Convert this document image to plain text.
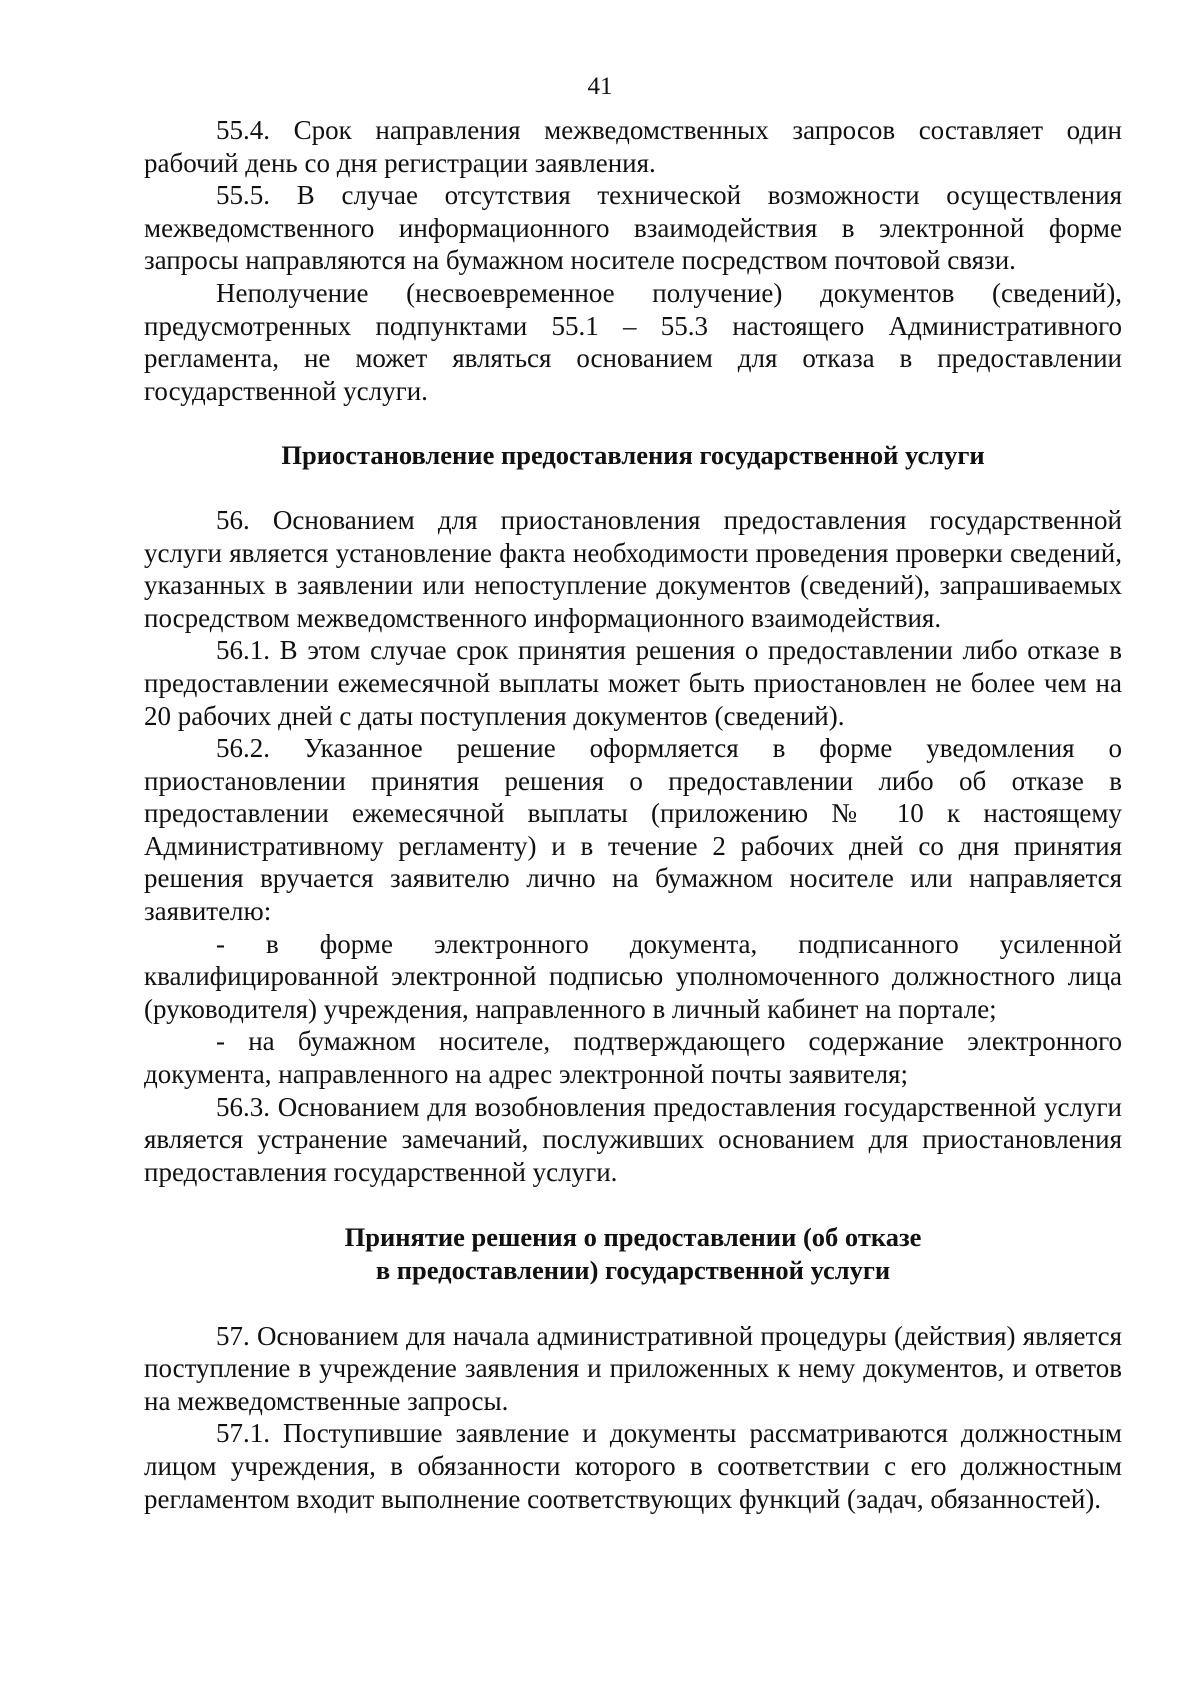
41

55.4. Срок направления межведомственных запросов составляет один рабочий день со дня регистрации заявления.

55.5. В случае отсутствия технической возможности осуществления межведомственного информационного взаимодействия в электронной форме запросы направляются на бумажном носителе посредством почтовой связи.

Неполучение (несвоевременное получение) документов (сведений), предусмотренных подпунктами 55.1 – 55.3 настоящего Административного регламента, не может являться основанием для отказа в предоставлении государственной услуги.

Приостановление предоставления государственной услуги

56. Основанием для приостановления предоставления государственной услуги является установление факта необходимости проведения проверки сведений, указанных в заявлении или непоступление документов (сведений), запрашиваемых посредством межведомственного информационного взаимодействия.

56.1. В этом случае срок принятия решения о предоставлении либо отказе в предоставлении ежемесячной выплаты может быть приостановлен не более чем на 20 рабочих дней с даты поступления документов (сведений).

56.2. Указанное решение оформляется в форме уведомления о приостановлении принятия решения о предоставлении либо об отказе в предоставлении ежемесячной выплаты (приложению № 10 к настоящему Административному регламенту) и в течение 2 рабочих дней со дня принятия решения вручается заявителю лично на бумажном носителе или направляется заявителю:

- в форме электронного документа, подписанного усиленной квалифицированной электронной подписью уполномоченного должностного лица (руководителя) учреждения, направленного в личный кабинет на портале;

- на бумажном носителе, подтверждающего содержание электронного документа, направленного на адрес электронной почты заявителя;

56.3. Основанием для возобновления предоставления государственной услуги является устранение замечаний, послуживших основанием для приостановления предоставления государственной услуги.

Принятие решения о предоставлении (об отказе
в предоставлении) государственной услуги

57. Основанием для начала административной процедуры (действия) является поступление в учреждение заявления и приложенных к нему документов, и ответов на межведомственные запросы.

57.1. Поступившие заявление и документы рассматриваются должностным лицом учреждения, в обязанности которого в соответствии с его должностным регламентом входит выполнение соответствующих функций (задач, обязанностей).
